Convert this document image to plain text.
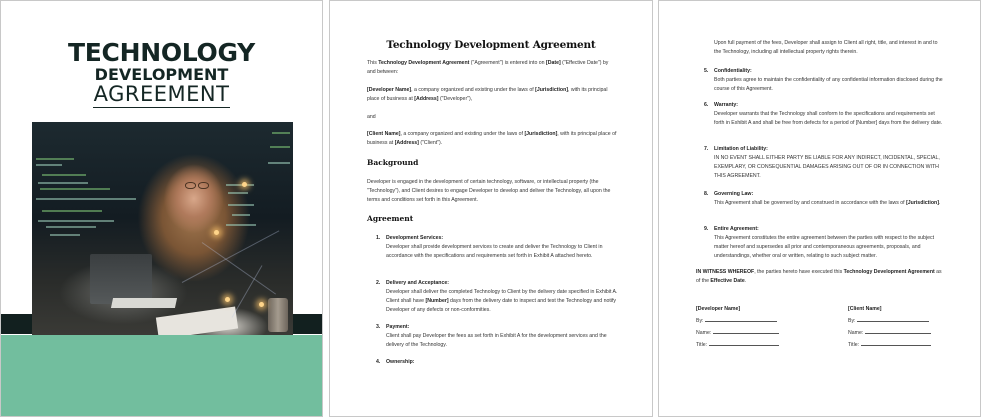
TECHNOLOGY
DEVELOPMENT
AGREEMENT
Technology Development Agreement
This Technology Development Agreement ("Agreement") is entered into on [Date] ("Effective Date") by and between:
[Developer Name], a company organized and existing under the laws of [Jurisdiction], with its principal place of business at [Address] ("Developer"),
and
[Client Name], a company organized and existing under the laws of [Jurisdiction], with its principal place of business at [Address] ("Client").
Background
Developer is engaged in the development of certain technology, software, or intellectual property (the "Technology"), and Client desires to engage Developer to develop and deliver the Technology, all upon the terms and conditions set forth in this Agreement.
Agreement
1. Development Services:
Developer shall provide development services to create and deliver the Technology to Client in accordance with the specifications and requirements set forth in Exhibit A attached hereto.
2. Delivery and Acceptance:
Developer shall deliver the completed Technology to Client by the delivery date specified in Exhibit A. Client shall have [Number] days from the delivery date to inspect and test the Technology and notify Developer of any defects or non-conformities.
3. Payment:
Client shall pay Developer the fees as set forth in Exhibit A for the development services and the delivery of the Technology.
4. Ownership:
Upon full payment of the fees, Developer shall assign to Client all right, title, and interest in and to the Technology, including all intellectual property rights therein.
5. Confidentiality:
Both parties agree to maintain the confidentiality of any confidential information disclosed during the course of this Agreement.
6. Warranty:
Developer warrants that the Technology shall conform to the specifications and requirements set forth in Exhibit A and shall be free from defects for a period of [Number] days from the delivery date.
7. Limitation of Liability:
IN NO EVENT SHALL EITHER PARTY BE LIABLE FOR ANY INDIRECT, INCIDENTAL, SPECIAL, EXEMPLARY, OR CONSEQUENTIAL DAMAGES ARISING OUT OF OR IN CONNECTION WITH THIS AGREEMENT.
8. Governing Law:
This Agreement shall be governed by and construed in accordance with the laws of [Jurisdiction].
9. Entire Agreement:
This Agreement constitutes the entire agreement between the parties with respect to the subject matter hereof and supersedes all prior and contemporaneous agreements, proposals, and understandings, whether oral or written, relating to such subject matter.
IN WITNESS WHEREOF, the parties hereto have executed this Technology Development Agreement as of the Effective Date.
[Developer Name]
By:
Name:
Title:
[Client Name]
By:
Name:
Title:
